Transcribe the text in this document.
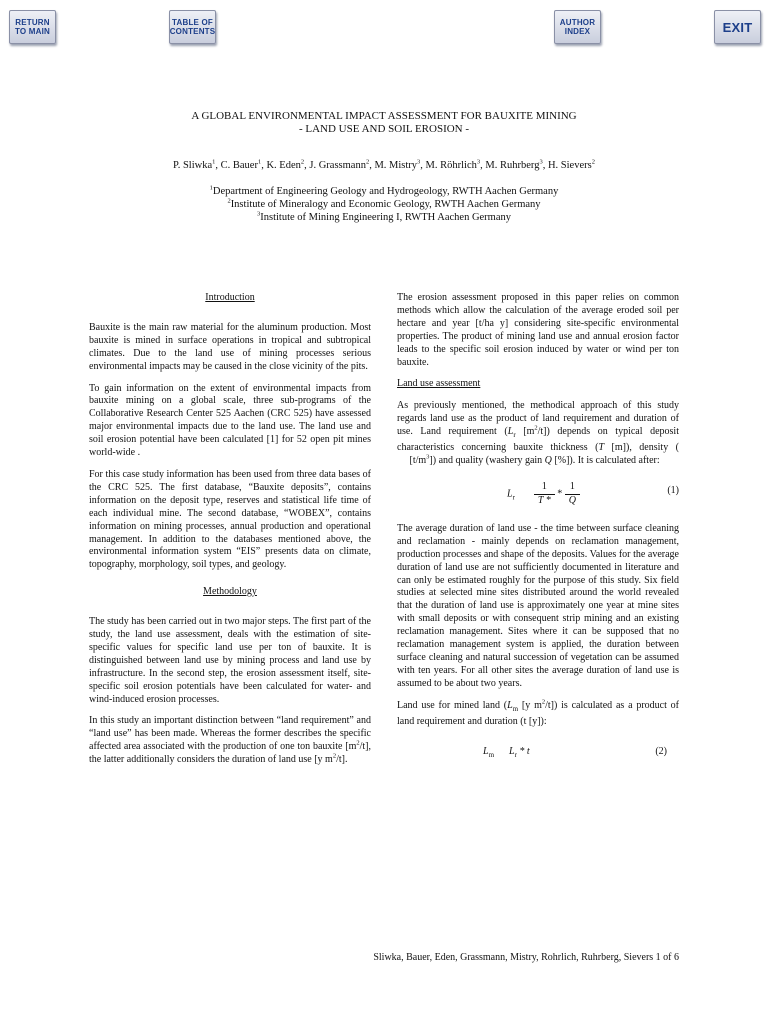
RETURN
TO MAIN
TABLE OF
CONTENTS
AUTHOR
INDEX	EXIT
A GLOBAL ENVIRONMENTAL IMPACT ASSESSMENT FOR BAUXITE MINING
- LAND USE AND SOIL EROSION -
P. Sliwka$^1$, C. Bauer$^1$, K. Eden$^2$, J. Grassmann$^2$, M. Mistry$^3$, M. Röhrlich$^3$, M. Ruhrberg$^3$, H. Sievers$^2$
$^1$Department of Engineering Geology and Hydrogeology, RWTH Aachen Germany
$^2$Institute of Mineralogy and Economic Geology, RWTH Aachen Germany
$^3$Institute of Mining Engineering I, RWTH Aachen Germany
Introduction

Bauxite is the main raw material for the aluminum production. Most bauxite is mined in surface operations in tropical and subtropical climates. Due to the land use of mining processes serious environmental impacts may be caused in the close vicinity of the pits.

To gain information on the extent of environmental impacts from bauxite mining on a global scale, three sub-programs of the Collaborative Research Center 525 Aachen (CRC 525) have assessed major environmental impacts due to the land use. The land use and soil erosion potential have been calculated [1] for 52 open pit mines world-wide .

For this case study information has been used from three data bases of the CRC 525. The first database, “Bauxite deposits”, contains information on the deposit type, reserves and statistical life time of each individual mine. The second database, “WOBEX”, contains information on mining processes, annual production and operational management. In addition to the databases mentioned above, the environmental information system “EIS” presents data on climate, topography, morphology, soil types, and geology.

Methodology

The study has been carried out in two major steps. The first part of the study, the land use assessment, deals with the estimation of site-specific values for specific land use per ton of bauxite. It is distinguished between land use by mining process and land use by infrastructure. In the second step, the erosion assessment itself, site-specific soil erosion potentials have been calculated for water- and wind-induced erosion processes.

In this study an important distinction between “land requirement” and “land use” has been made. Whereas the former describes the specific affected area associated with the production of one ton bauxite $[m^2/t]$, the latter additionally considers the duration of land use [y $m^2/t$].

The erosion assessment proposed in this paper relies on common methods which allow the calculation of the average eroded soil per hectare and year [t/ha y] considering site-specific environmental properties. The product of mining land use and annual erosion factor leads to the specific soil erosion induced by water or wind per ton bauxite.

Land use assessment

As previously mentioned, the methodical approach of this study regards land use as the product of land requirement and duration of use. Land requirement ($L_r$ $[m^2/t]$) depends on typical deposit characteristics concerning bauxite thickness (T [m]), density (     $[t/m^3]$) and quality (washery gain Q [%]). It is calculated after:

$L_r \frac{1}{T *} * \frac{1}{Q}$	(1)

The average duration of land use - the time between surface cleaning and reclamation - mainly depends on reclamation management, production processes and shape of the deposits. Values for the average duration of land use are not sufficiently documented in literature and can only be estimated roughly for the purpose of this study. Six field studies at selected mine sites distributed around the world revealed that the duration of land use is approximately one year at mine sites with small deposits or with consequent strip mining and an existing reclamation management. Sites where it can be supposed that no reclamation management system is applied, the duration between surface cleaning and natural succession of vegetation can be assumed with ten years. For all other sites the average duration of land use is assumed to be about two years.

Land use for mined land ($L_m$ [y $m^2/t$]) is calculated as a product of land requirement and duration (t [y]):

$L_m$ $L_r$ * t	(2)
Sliwka, Bauer, Eden, Grassmann, Mistry, Rohrlich, Ruhrberg, Sievers 1 of 6
